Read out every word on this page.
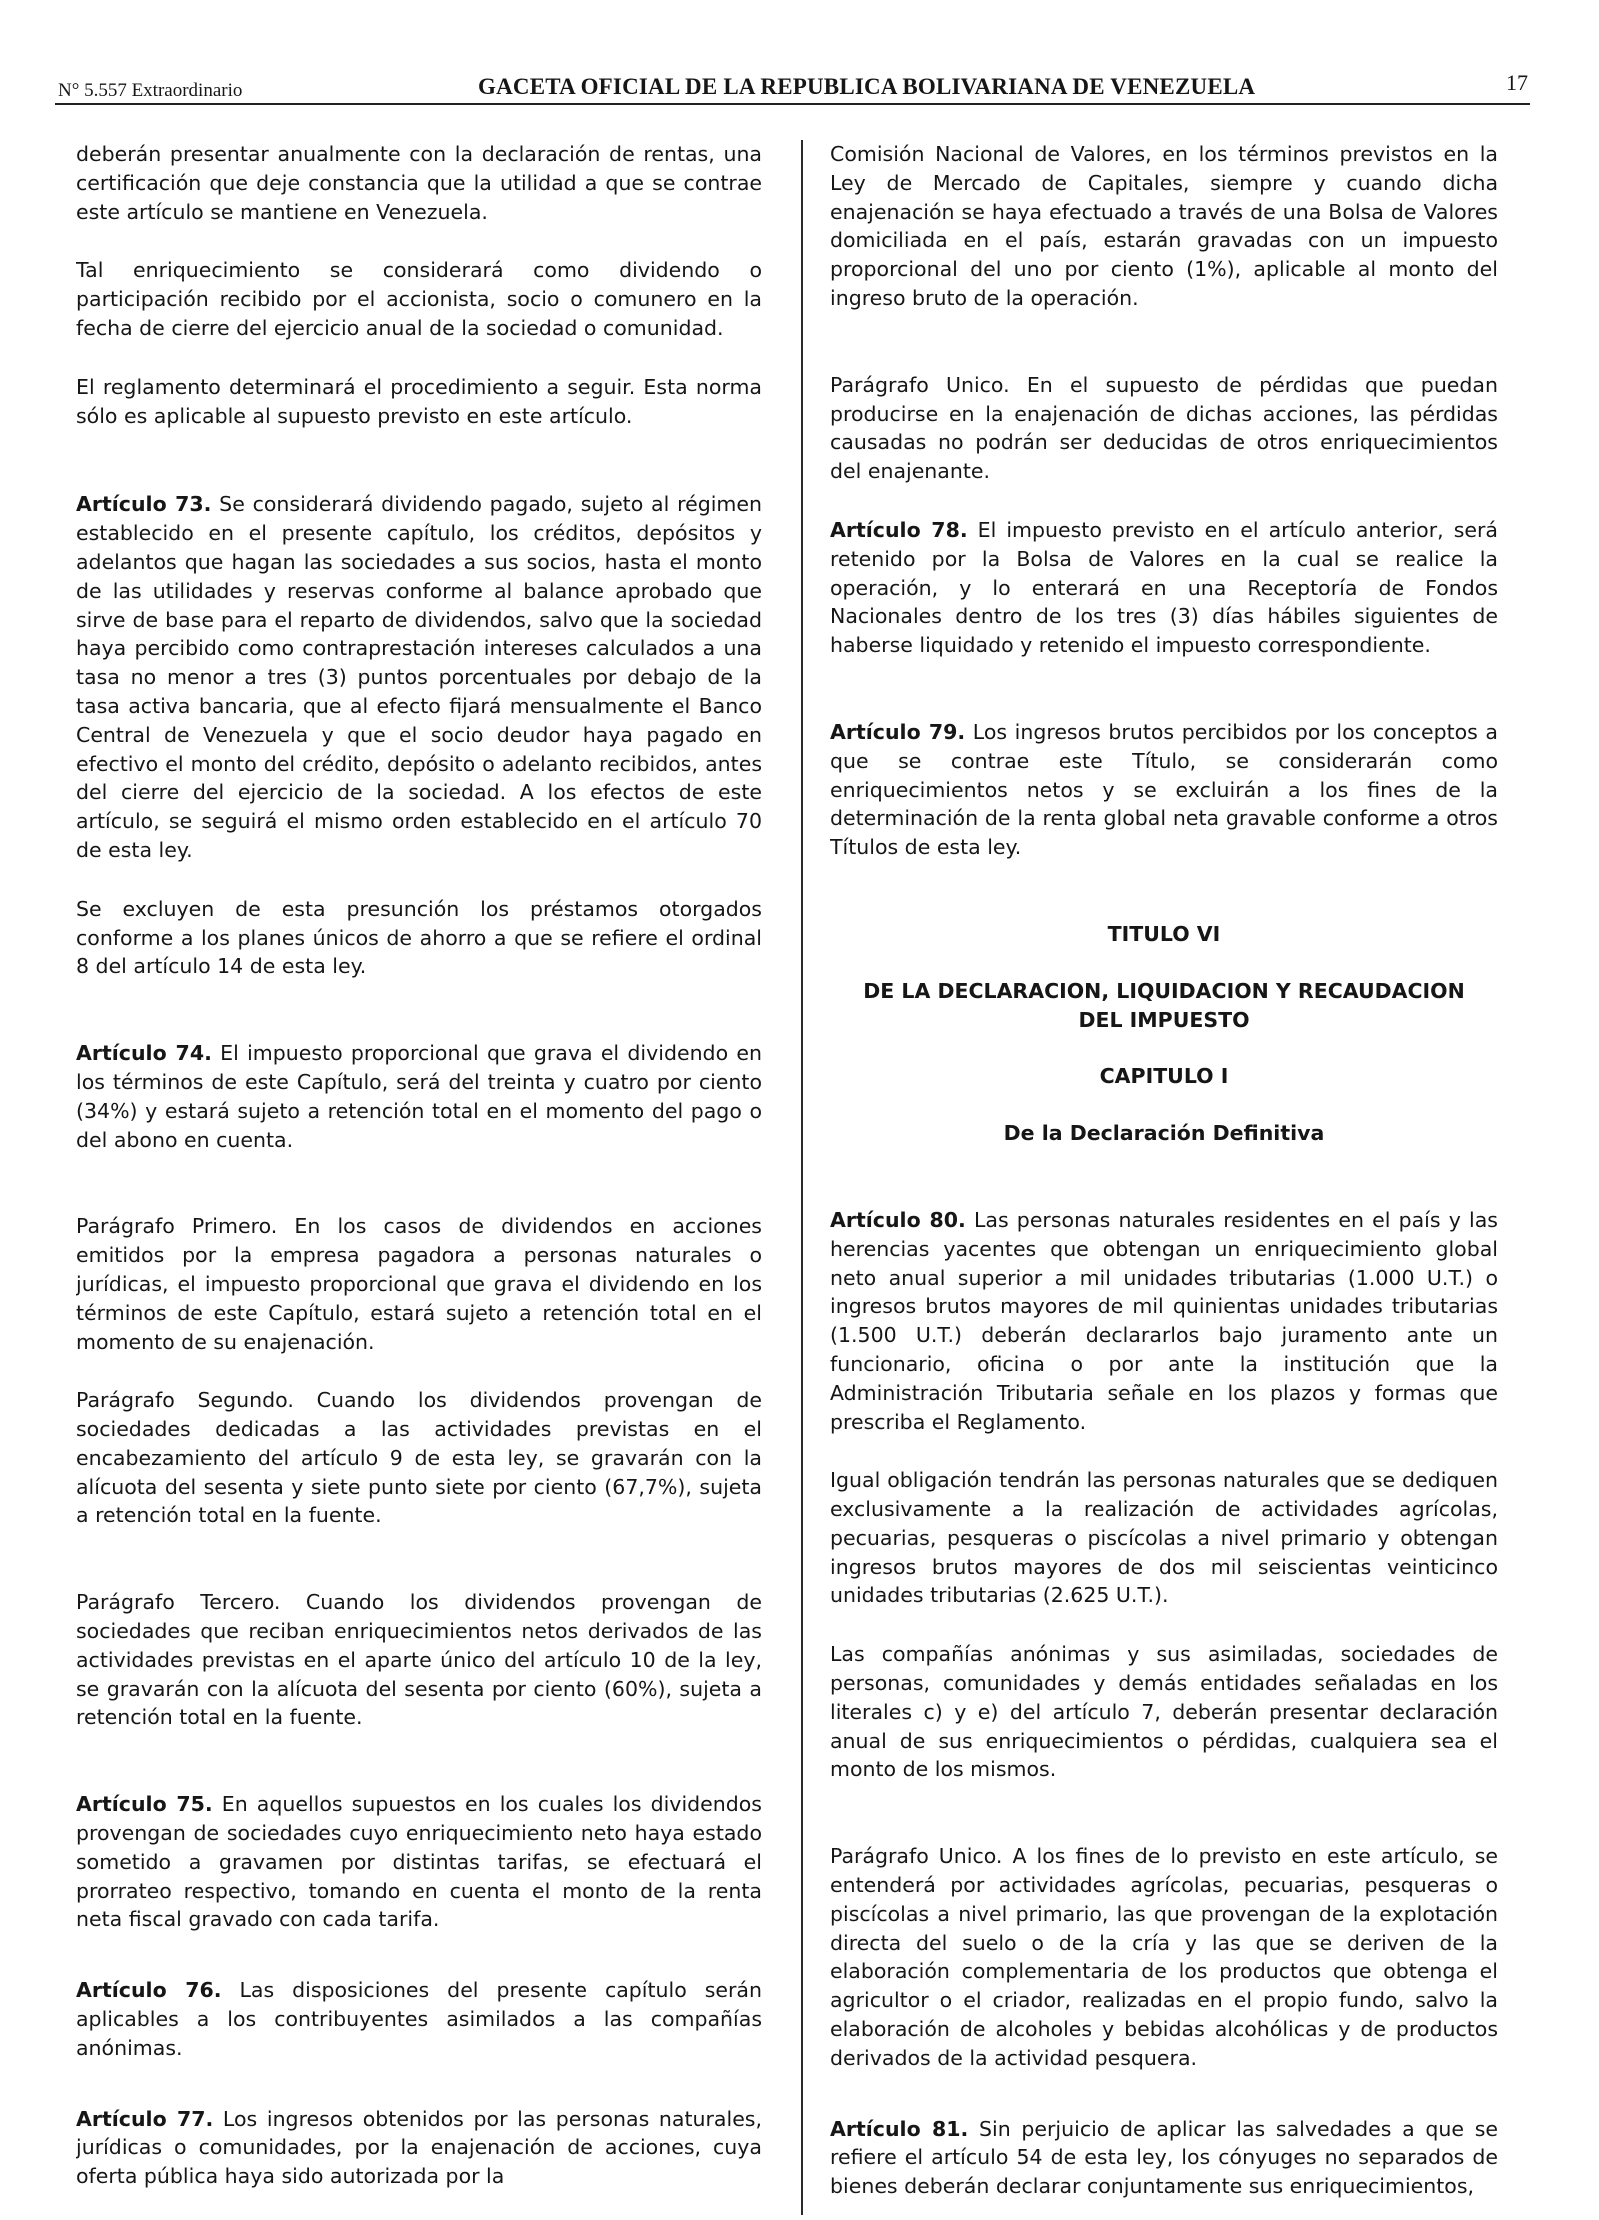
N° 5.557 Extraordinario	GACETA OFICIAL DE LA REPUBLICA BOLIVARIANA DE VENEZUELA	17

deberán presentar anualmente con la declaración de rentas, una certificación que deje constancia que la utilidad a que se contrae este artículo se mantiene en Venezuela.

Tal enriquecimiento se considerará como dividendo o participación recibido por el accionista, socio o comunero en la fecha de cierre del ejercicio anual de la sociedad o comunidad.

El reglamento determinará el procedimiento a seguir. Esta norma sólo es aplicable al supuesto previsto en este artículo.

Artículo 73. Se considerará dividendo pagado, sujeto al régimen establecido en el presente capítulo, los créditos, depósitos y adelantos que hagan las sociedades a sus socios, hasta el monto de las utilidades y reservas conforme al balance aprobado que sirve de base para el reparto de dividendos, salvo que la sociedad haya percibido como contraprestación intereses calculados a una tasa no menor a tres (3) puntos porcentuales por debajo de la tasa activa bancaria, que al efecto fijará mensualmente el Banco Central de Venezuela y que el socio deudor haya pagado en efectivo el monto del crédito, depósito o adelanto recibidos, antes del cierre del ejercicio de la sociedad. A los efectos de este artículo, se seguirá el mismo orden establecido en el artículo 70 de esta ley.

Se excluyen de esta presunción los préstamos otorgados conforme a los planes únicos de ahorro a que se refiere el ordinal 8 del artículo 14 de esta ley.

Artículo 74. El impuesto proporcional que grava el dividendo en los términos de este Capítulo, será del treinta y cuatro por ciento (34%) y estará sujeto a retención total en el momento del pago o del abono en cuenta.

Parágrafo Primero. En los casos de dividendos en acciones emitidos por la empresa pagadora a personas naturales o jurídicas, el impuesto proporcional que grava el dividendo en los términos de este Capítulo, estará sujeto a retención total en el momento de su enajenación.

Parágrafo Segundo. Cuando los dividendos provengan de sociedades dedicadas a las actividades previstas en el encabezamiento del artículo 9 de esta ley, se gravarán con la alícuota del sesenta y siete punto siete por ciento (67,7%), sujeta a retención total en la fuente.

Parágrafo Tercero. Cuando los dividendos provengan de sociedades que reciban enriquecimientos netos derivados de las actividades previstas en el aparte único del artículo 10 de la ley, se gravarán con la alícuota del sesenta por ciento (60%), sujeta a retención total en la fuente.

Artículo 75. En aquellos supuestos en los cuales los dividendos provengan de sociedades cuyo enriquecimiento neto haya estado sometido a gravamen por distintas tarifas, se efectuará el prorrateo respectivo, tomando en cuenta el monto de la renta neta fiscal gravado con cada tarifa.

Artículo 76. Las disposiciones del presente capítulo serán aplicables a los contribuyentes asimilados a las compañías anónimas.

Artículo 77. Los ingresos obtenidos por las personas naturales, jurídicas o comunidades, por la enajenación de acciones, cuya oferta pública haya sido autorizada por la

Comisión Nacional de Valores, en los términos previstos en la Ley de Mercado de Capitales, siempre y cuando dicha enajenación se haya efectuado a través de una Bolsa de Valores domiciliada en el país, estarán gravadas con un impuesto proporcional del uno por ciento (1%), aplicable al monto del ingreso bruto de la operación.

Parágrafo Unico. En el supuesto de pérdidas que puedan producirse en la enajenación de dichas acciones, las pérdidas causadas no podrán ser deducidas de otros enriquecimientos del enajenante.

Artículo 78. El impuesto previsto en el artículo anterior, será retenido por la Bolsa de Valores en la cual se realice la operación, y lo enterará en una Receptoría de Fondos Nacionales dentro de los tres (3) días hábiles siguientes de haberse liquidado y retenido el impuesto correspondiente.

Artículo 79. Los ingresos brutos percibidos por los conceptos a que se contrae este Título, se considerarán como enriquecimientos netos y se excluirán a los fines de la determinación de la renta global neta gravable conforme a otros Títulos de esta ley.

TITULO VI

DE LA DECLARACION, LIQUIDACION Y RECAUDACION DEL IMPUESTO

CAPITULO I

De la Declaración Definitiva

Artículo 80. Las personas naturales residentes en el país y las herencias yacentes que obtengan un enriquecimiento global neto anual superior a mil unidades tributarias (1.000 U.T.) o ingresos brutos mayores de mil quinientas unidades tributarias (1.500 U.T.) deberán declararlos bajo juramento ante un funcionario, oficina o por ante la institución que la Administración Tributaria señale en los plazos y formas que prescriba el Reglamento.

Igual obligación tendrán las personas naturales que se dediquen exclusivamente a la realización de actividades agrícolas, pecuarias, pesqueras o piscícolas a nivel primario y obtengan ingresos brutos mayores de dos mil seiscientas veinticinco unidades tributarias (2.625 U.T.).

Las compañías anónimas y sus asimiladas, sociedades de personas, comunidades y demás entidades señaladas en los literales c) y e) del artículo 7, deberán presentar declaración anual de sus enriquecimientos o pérdidas, cualquiera sea el monto de los mismos.

Parágrafo Unico. A los fines de lo previsto en este artículo, se entenderá por actividades agrícolas, pecuarias, pesqueras o piscícolas a nivel primario, las que provengan de la explotación directa del suelo o de la cría y las que se deriven de la elaboración complementaria de los productos que obtenga el agricultor o el criador, realizadas en el propio fundo, salvo la elaboración de alcoholes y bebidas alcohólicas y de productos derivados de la actividad pesquera.

Artículo 81. Sin perjuicio de aplicar las salvedades a que se refiere el artículo 54 de esta ley, los cónyuges no separados de bienes deberán declarar conjuntamente sus enriquecimientos,
